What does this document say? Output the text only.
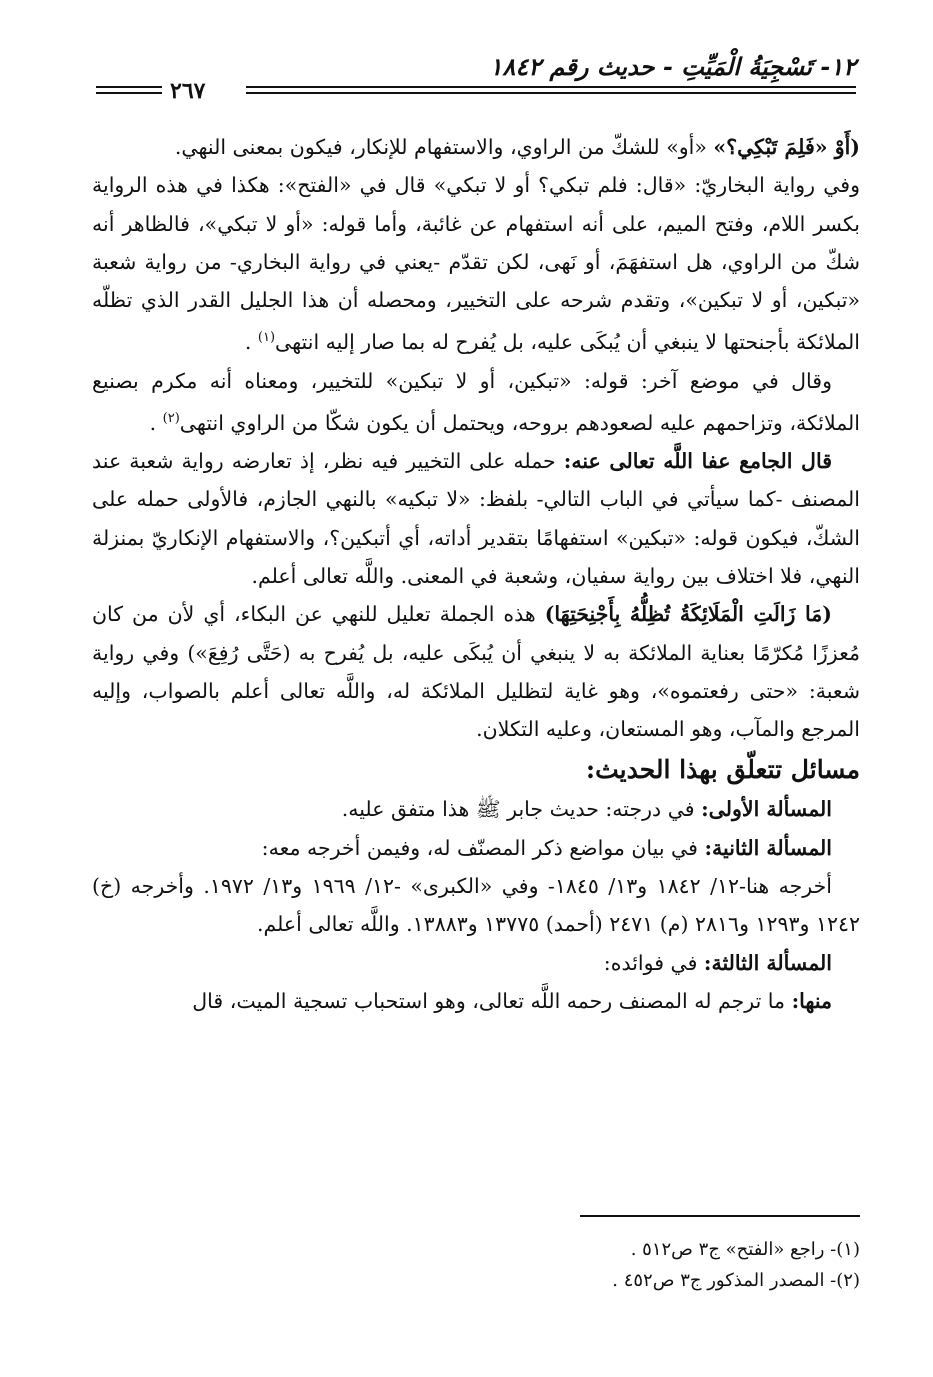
١٢- تَسْجِيَةُ الْمَيِّتِ - حديث رقم ١٨٤٢
٢٦٧

(أَوْ «فَلِمَ تَبْكِي؟» «أو» للشكّ من الراوي، والاستفهام للإنكار، فيكون بمعنى النهي.

وفي رواية البخاريّ: «قال: فلم تبكي؟ أو لا تبكي» قال في «الفتح»: هكذا في هذه الرواية بكسر اللام، وفتح الميم، على أنه استفهام عن غائبة، وأما قوله: «أو لا تبكي»، فالظاهر أنه شكّ من الراوي، هل استفهَمَ، أو نَهى، لكن تقدّم -يعني في رواية البخاري- من رواية شعبة «تبكين، أو لا تبكين»، وتقدم شرحه على التخيير، ومحصله أن هذا الجليل القدر الذي تظلّه الملائكة بأجنحتها لا ينبغي أن يُبكَى عليه، بل يُفرح له بما صار إليه انتهى$^{(١)}$ .

وقال في موضع آخر: قوله: «تبكين، أو لا تبكين» للتخيير، ومعناه أنه مكرم بصنيع الملائكة، وتزاحمهم عليه لصعودهم بروحه، ويحتمل أن يكون شكّا من الراوي انتهى$^{(٢)}$ .

قال الجامع عفا اللَّه تعالى عنه: حمله على التخيير فيه نظر، إذ تعارضه رواية شعبة عند المصنف -كما سيأتي في الباب التالي- بلفظ: «لا تبكيه» بالنهي الجازم، فالأولى حمله على الشكّ، فيكون قوله: «تبكين» استفهامًا بتقدير أداته، أي أتبكين؟، والاستفهام الإنكاريّ بمنزلة النهي، فلا اختلاف بين رواية سفيان، وشعبة في المعنى. واللَّه تعالى أعلم.

(مَا زَالَتِ الْمَلَائِكَةُ تُظِلُّهُ بِأَجْنِحَتِهَا) هذه الجملة تعليل للنهي عن البكاء، أي لأن من كان مُعززًا مُكرّمًا بعناية الملائكة به لا ينبغي أن يُبكَى عليه، بل يُفرح به (حَتَّى رُفِعَ») وفي رواية شعبة: «حتى رفعتموه»، وهو غاية لتظليل الملائكة له، واللَّه تعالى أعلم بالصواب، وإليه المرجع والمآب، وهو المستعان، وعليه التكلان.

مسائل تتعلّق بهذا الحديث:

المسألة الأولى: في درجته: حديث جابر ﷺ هذا متفق عليه.

المسألة الثانية: في بيان مواضع ذكر المصنّف له، وفيمن أخرجه معه:

أخرجه هنا-١٢/ ١٨٤٢ و١٣/ ١٨٤٥- وفي «الكبرى» -١٢/ ١٩٦٩ و١٣/ ١٩٧٢. وأخرجه (خ) ١٢٤٢ و١٢٩٣ و٢٨١٦ (م) ٢٤٧١ (أحمد) ١٣٧٧٥ و١٣٨٨٣. واللَّه تعالى أعلم.

المسألة الثالثة: في فوائده:

منها: ما ترجم له المصنف رحمه اللَّه تعالى، وهو استحباب تسجية الميت، قال

(١)- راجع «الفتح» ج٣ ص٥١٢ .
(٢)- المصدر المذكور ج٣ ص٤٥٢ .
